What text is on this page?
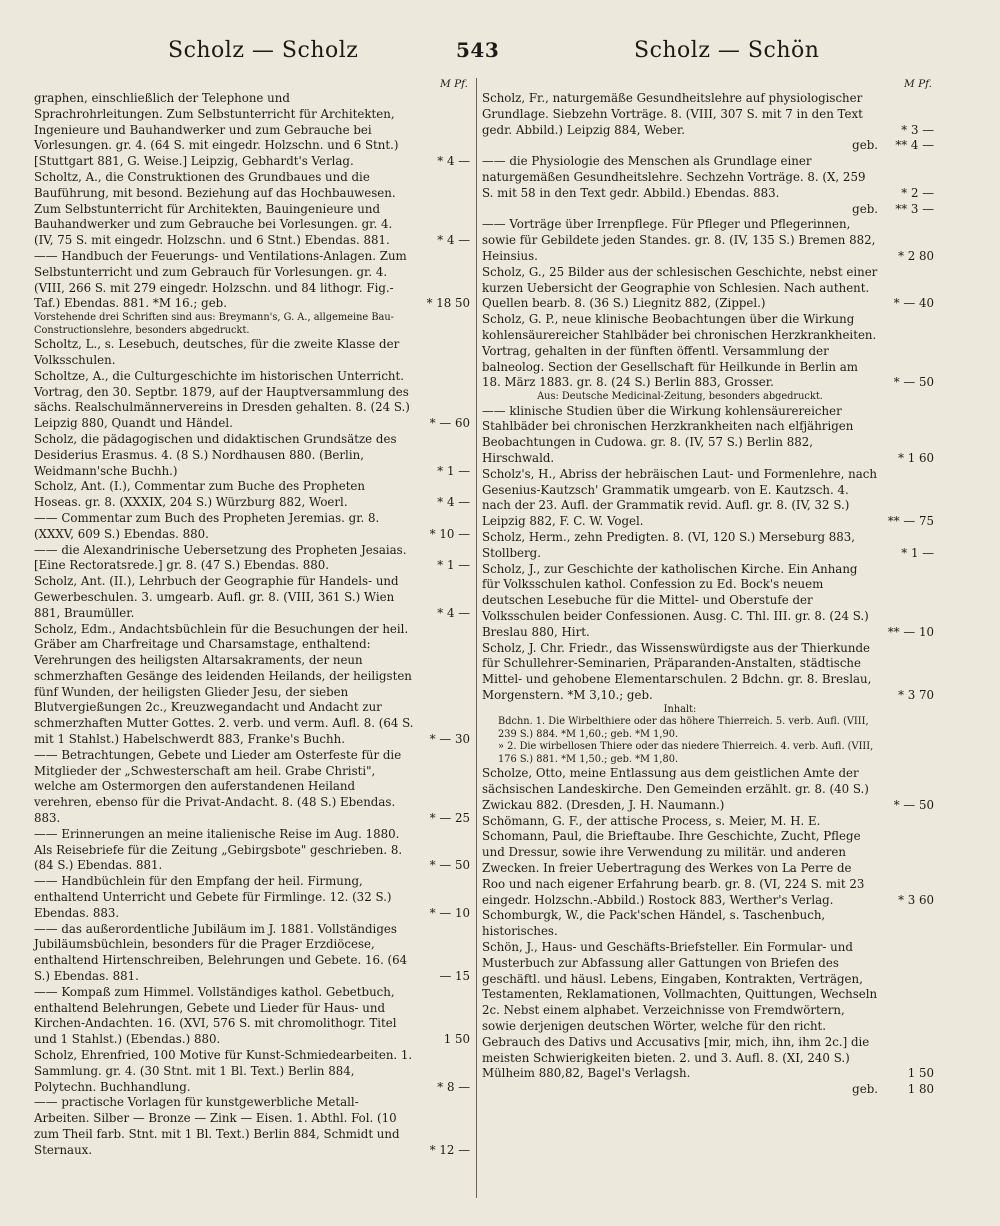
Scholz — Scholz	543	Scholz — Schön
M Pf.
graphen, einschließlich der Telephone und Sprachrohrleitungen. Zum Selbstunterricht für Architekten, Ingenieure und Bauhandwerker und zum Gebrauche bei Vorlesungen. gr. 4. (64 S. mit eingedr. Holzschn. und 6 Stnt.) [Stuttgart 881, G. Weise.] Leipzig, Gebhardt's Verlag.	* 4 —
Scholtz, A., die Construktionen des Grundbaues und die Bauführung, mit besond. Beziehung auf das Hochbauwesen. Zum Selbstunterricht für Architekten, Bauingenieure und Bauhandwerker und zum Gebrauche bei Vorlesungen. gr. 4. (IV, 75 S. mit eingedr. Holzschn. und 6 Stnt.) Ebendas. 881.	* 4 —
—— Handbuch der Feuerungs- und Ventilations-Anlagen. Zum Selbstunterricht und zum Gebrauch für Vorlesungen. gr. 4. (VIII, 266 S. mit 279 eingedr. Holzschn. und 84 lithogr. Fig.-Taf.) Ebendas. 881. *M 16.; geb.	* 18 50
Vorstehende drei Schriften sind aus: Breymann's, G. A., allgemeine Bau-Constructionslehre, besonders abgedruckt.
Scholtz, L., s. Lesebuch, deutsches, für die zweite Klasse der Volksschulen.
Scholtze, A., die Culturgeschichte im historischen Unterricht. Vortrag, den 30. Septbr. 1879, auf der Hauptversammlung des sächs. Realschulmännervereins in Dresden gehalten. 8. (24 S.) Leipzig 880, Quandt und Händel.	* — 60
Scholz, die pädagogischen und didaktischen Grundsätze des Desiderius Erasmus. 4. (8 S.) Nordhausen 880. (Berlin, Weidmann'sche Buchh.)	* 1 —
Scholz, Ant. (I.), Commentar zum Buche des Propheten Hoseas. gr. 8. (XXXIX, 204 S.) Würzburg 882, Woerl.	* 4 —
—— Commentar zum Buch des Propheten Jeremias. gr. 8. (XXXV, 609 S.) Ebendas. 880.	* 10 —
—— die Alexandrinische Uebersetzung des Propheten Jesaias. [Eine Rectoratsrede.] gr. 8. (47 S.) Ebendas. 880.	* 1 —
Scholz, Ant. (II.), Lehrbuch der Geographie für Handels- und Gewerbeschulen. 3. umgearb. Aufl. gr. 8. (VIII, 361 S.) Wien 881, Braumüller.	* 4 —
Scholz, Edm., Andachtsbüchlein für die Besuchungen der heil. Gräber am Charfreitage und Charsamstage, enthaltend: Verehrungen des heiligsten Altarsakraments, der neun schmerzhaften Gesänge des leidenden Heilands, der heiligsten fünf Wunden, der heiligsten Glieder Jesu, der sieben Blutvergießungen 2c., Kreuzwegandacht und Andacht zur schmerzhaften Mutter Gottes. 2. verb. und verm. Aufl. 8. (64 S. mit 1 Stahlst.) Habelschwerdt 883, Franke's Buchh.	* — 30
—— Betrachtungen, Gebete und Lieder am Osterfeste für die Mitglieder der „Schwesterschaft am heil. Grabe Christi", welche am Ostermorgen den auferstandenen Heiland verehren, ebenso für die Privat-Andacht. 8. (48 S.) Ebendas. 883.	* — 25
—— Erinnerungen an meine italienische Reise im Aug. 1880. Als Reisebriefe für die Zeitung „Gebirgsbote" geschrieben. 8. (84 S.) Ebendas. 881.	* — 50
—— Handbüchlein für den Empfang der heil. Firmung, enthaltend Unterricht und Gebete für Firmlinge. 12. (32 S.) Ebendas. 883.	* — 10
—— das außerordentliche Jubiläum im J. 1881. Vollständiges Jubiläumsbüchlein, besonders für die Prager Erzdiöcese, enthaltend Hirtenschreiben, Belehrungen und Gebete. 16. (64 S.) Ebendas. 881.	— 15
—— Kompaß zum Himmel. Vollständiges kathol. Gebetbuch, enthaltend Belehrungen, Gebete und Lieder für Haus- und Kirchen-Andachten. 16. (XVI, 576 S. mit chromolithogr. Titel und 1 Stahlst.) (Ebendas.) 880.	1 50
Scholz, Ehrenfried, 100 Motive für Kunst-Schmiedearbeiten. 1. Sammlung. gr. 4. (30 Stnt. mit 1 Bl. Text.) Berlin 884, Polytechn. Buchhandlung.	* 8 —
—— practische Vorlagen für kunstgewerbliche Metall-Arbeiten. Silber — Bronze — Zink — Eisen. 1. Abthl. Fol. (10 zum Theil farb. Stnt. mit 1 Bl. Text.) Berlin 884, Schmidt und Sternaux.	* 12 —
M Pf.
Scholz, Fr., naturgemäße Gesundheitslehre auf physiologischer Grundlage. Siebzehn Vorträge. 8. (VIII, 307 S. mit 7 in den Text gedr. Abbild.) Leipzig 884, Weber.	* 3 —
geb.	** 4 —
—— die Physiologie des Menschen als Grundlage einer naturgemäßen Gesundheitslehre. Sechzehn Vorträge. 8. (X, 259 S. mit 58 in den Text gedr. Abbild.) Ebendas. 883.	* 2 —
geb.	** 3 —
—— Vorträge über Irrenpflege. Für Pfleger und Pflegerinnen, sowie für Gebildete jeden Standes. gr. 8. (IV, 135 S.) Bremen 882, Heinsius.	* 2 80
Scholz, G., 25 Bilder aus der schlesischen Geschichte, nebst einer kurzen Uebersicht der Geographie von Schlesien. Nach authent. Quellen bearb. 8. (36 S.) Liegnitz 882, (Zippel.)	* — 40
Scholz, G. P., neue klinische Beobachtungen über die Wirkung kohlensäurereicher Stahlbäder bei chronischen Herzkrankheiten. Vortrag, gehalten in der fünften öffentl. Versammlung der balneolog. Section der Gesellschaft für Heilkunde in Berlin am 18. März 1883. gr. 8. (24 S.) Berlin 883, Grosser.	* — 50
Aus: Deutsche Medicinal-Zeitung, besonders abgedruckt.
—— klinische Studien über die Wirkung kohlensäurereicher Stahlbäder bei chronischen Herzkrankheiten nach elfjährigen Beobachtungen in Cudowa. gr. 8. (IV, 57 S.) Berlin 882, Hirschwald.	* 1 60
Scholz's, H., Abriss der hebräischen Laut- und Formenlehre, nach Gesenius-Kautzsch' Grammatik umgearb. von E. Kautzsch. 4. nach der 23. Aufl. der Grammatik revid. Aufl. gr. 8. (IV, 32 S.) Leipzig 882, F. C. W. Vogel.	** — 75
Scholz, Herm., zehn Predigten. 8. (VI, 120 S.) Merseburg 883, Stollberg.	* 1 —
Scholz, J., zur Geschichte der katholischen Kirche. Ein Anhang für Volksschulen kathol. Confession zu Ed. Bock's neuem deutschen Lesebuche für die Mittel- und Oberstufe der Volksschulen beider Confessionen. Ausg. C. Thl. III. gr. 8. (24 S.) Breslau 880, Hirt.	** — 10
Scholz, J. Chr. Friedr., das Wissenswürdigste aus der Thierkunde für Schullehrer-Seminarien, Präparanden-Anstalten, städtische Mittel- und gehobene Elementarschulen. 2 Bdchn. gr. 8. Breslau, Morgenstern. *M 3,10.; geb.	* 3 70
Inhalt:
Bdchn. 1. Die Wirbelthiere oder das höhere Thierreich. 5. verb. Aufl. (VIII, 239 S.) 884. *M 1,60.; geb. *M 1,90.
» 2. Die wirbellosen Thiere oder das niedere Thierreich. 4. verb. Aufl. (VIII, 176 S.) 881. *M 1,50.; geb. *M 1,80.
Scholze, Otto, meine Entlassung aus dem geistlichen Amte der sächsischen Landeskirche. Den Gemeinden erzählt. gr. 8. (40 S.) Zwickau 882. (Dresden, J. H. Naumann.)	* — 50
Schömann, G. F., der attische Process, s. Meier, M. H. E.
Schomann, Paul, die Brieftaube. Ihre Geschichte, Zucht, Pflege und Dressur, sowie ihre Verwendung zu militär. und anderen Zwecken. In freier Uebertragung des Werkes von La Perre de Roo und nach eigener Erfahrung bearb. gr. 8. (VI, 224 S. mit 23 eingedr. Holzschn.-Abbild.) Rostock 883, Werther's Verlag.	* 3 60
Schomburgk, W., die Pack'schen Händel, s. Taschenbuch, historisches.
Schön, J., Haus- und Geschäfts-Briefsteller. Ein Formular- und Musterbuch zur Abfassung aller Gattungen von Briefen des geschäftl. und häusl. Lebens, Eingaben, Kontrakten, Verträgen, Testamenten, Reklamationen, Vollmachten, Quittungen, Wechseln 2c. Nebst einem alphabet. Verzeichnisse von Fremdwörtern, sowie derjenigen deutschen Wörter, welche für den richt. Gebrauch des Dativs und Accusativs [mir, mich, ihn, ihm 2c.] die meisten Schwierigkeiten bieten. 2. und 3. Aufl. 8. (XI, 240 S.) Mülheim 880,82, Bagel's Verlagsh.	1 50
geb.	1 80
